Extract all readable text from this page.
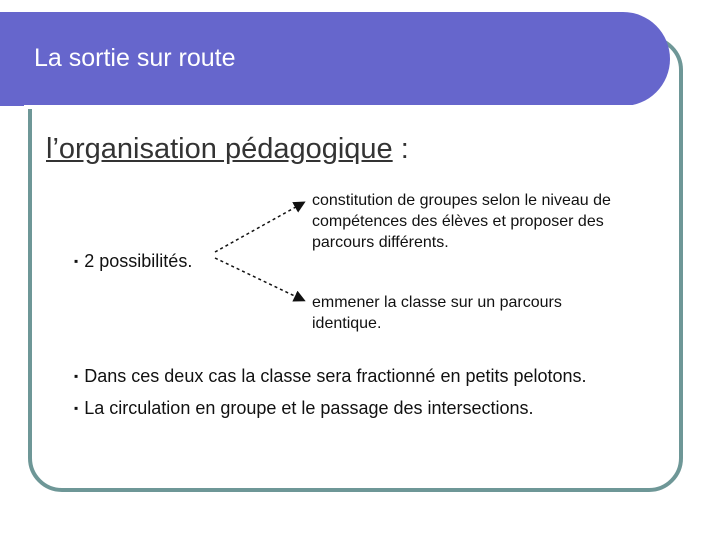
La sortie sur route
l’organisation pédagogique :
▪ 2 possibilités.
constitution de groupes selon le niveau de compétences des élèves et proposer des parcours différents.
emmener la classe sur un parcours identique.
▪ Dans ces deux cas la classe sera fractionné en petits pelotons.
▪ La circulation en groupe et le passage des intersections.
